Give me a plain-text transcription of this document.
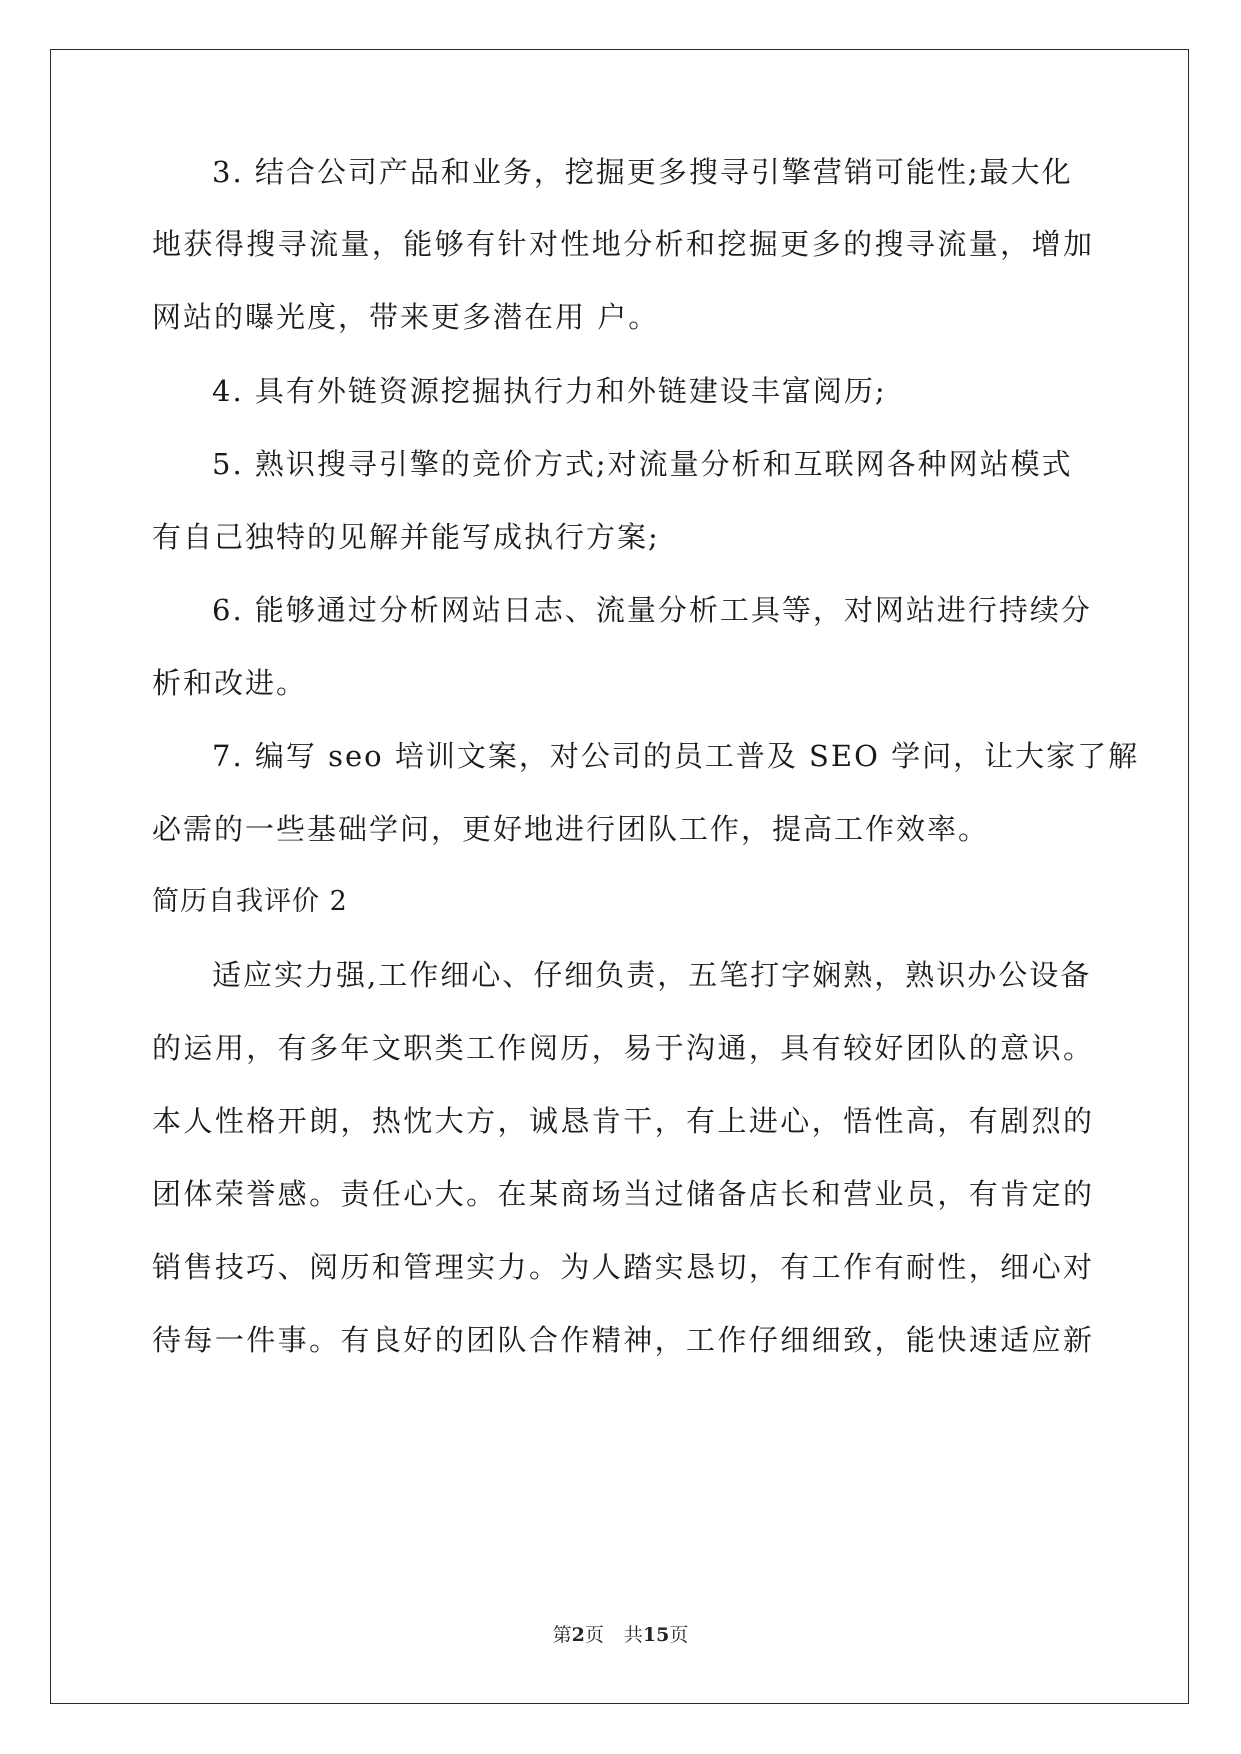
3. 结合公司产品和业务，挖掘更多搜寻引擎营销可能性;最大化
地获得搜寻流量，能够有针对性地分析和挖掘更多的搜寻流量，增加
网站的曝光度，带来更多潜在用 户。
4. 具有外链资源挖掘执行力和外链建设丰富阅历;
5. 熟识搜寻引擎的竞价方式;对流量分析和互联网各种网站模式
有自己独特的见解并能写成执行方案;
6. 能够通过分析网站日志、流量分析工具等，对网站进行持续分
析和改进。
7. 编写 seo 培训文案，对公司的员工普及 SEO 学问，让大家了解
必需的一些基础学问，更好地进行团队工作，提高工作效率。
简历自我评价 2
适应实力强,工作细心、仔细负责，五笔打字娴熟，熟识办公设备
的运用，有多年文职类工作阅历，易于沟通，具有较好团队的意识。
本人性格开朗，热忱大方，诚恳肯干，有上进心，悟性高，有剧烈的
团体荣誉感。责任心大。在某商场当过储备店长和营业员，有肯定的
销售技巧、阅历和管理实力。为人踏实恳切，有工作有耐性，细心对
待每一件事。有良好的团队合作精神，工作仔细细致，能快速适应新
第2页 共15页
